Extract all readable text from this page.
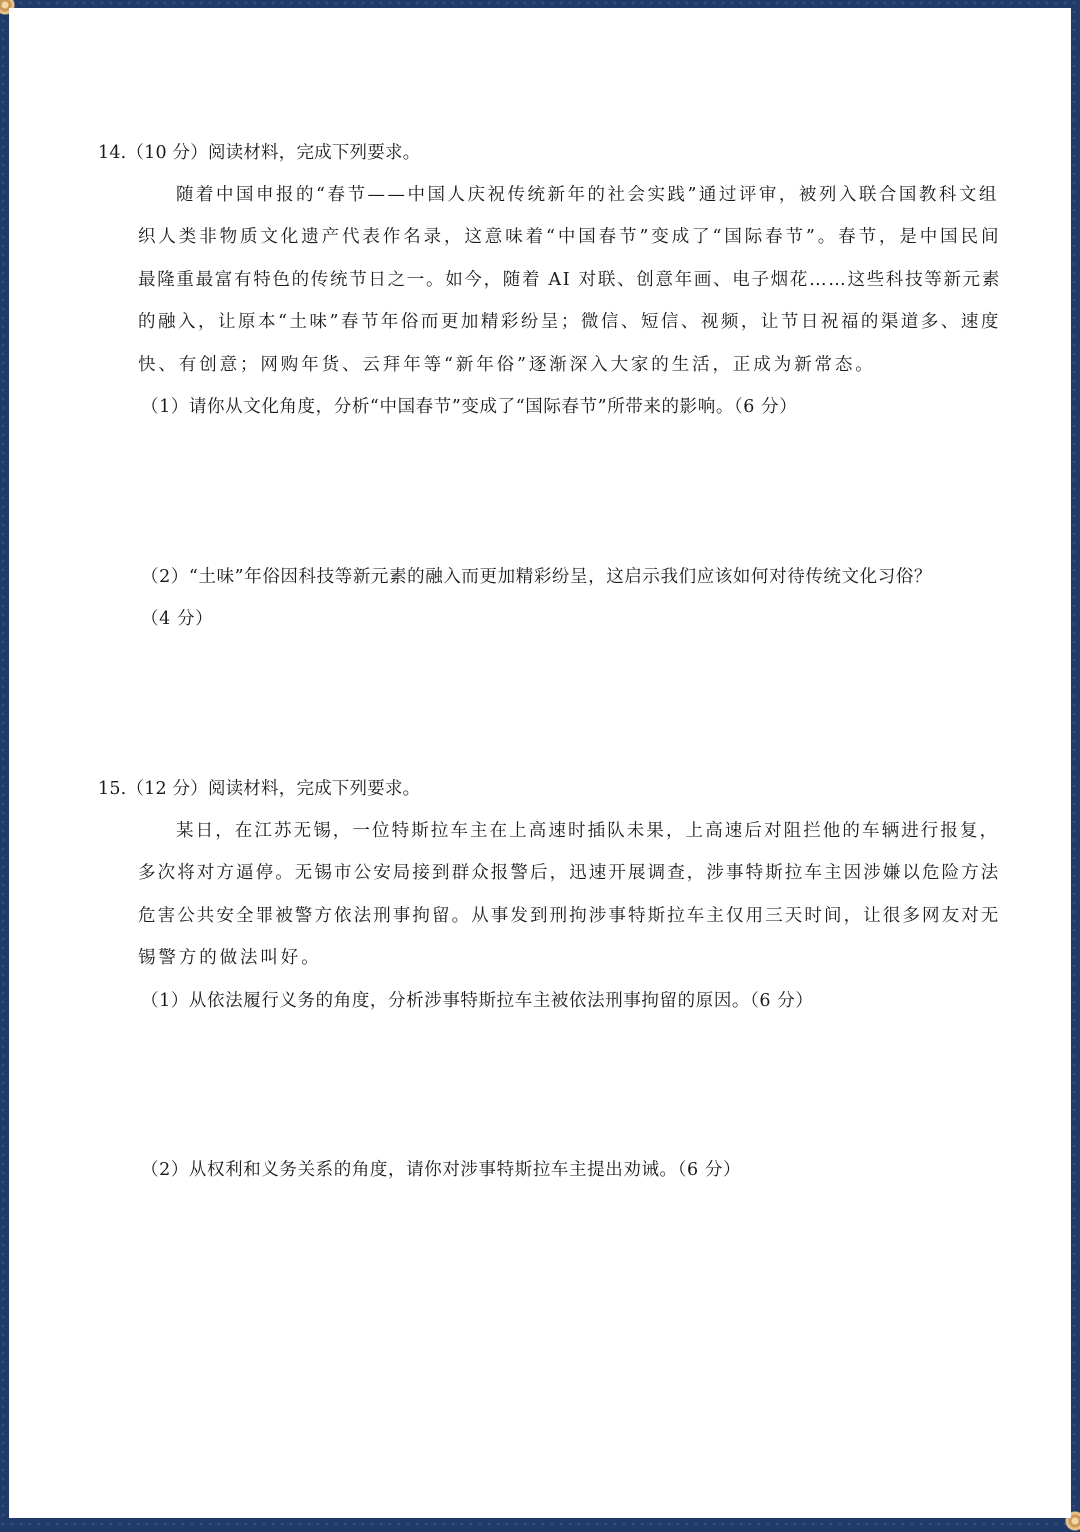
14.（10 分）阅读材料，完成下列要求。
随着中国申报的“春节——中国人庆祝传统新年的社会实践”通过评审，被列入联合国教科文组
织人类非物质文化遗产代表作名录，这意味着“中国春节”变成了“国际春节”。春节，是中国民间
最隆重最富有特色的传统节日之一。如今，随着 AI 对联、创意年画、电子烟花……这些科技等新元素
的融入，让原本“土味”春节年俗而更加精彩纷呈；微信、短信、视频，让节日祝福的渠道多、速度
快、有创意；网购年货、云拜年等“新年俗”逐渐深入大家的生活，正成为新常态。
（1）请你从文化角度，分析“中国春节”变成了“国际春节”所带来的影响。（6 分）
（2）“土味”年俗因科技等新元素的融入而更加精彩纷呈，这启示我们应该如何对待传统文化习俗？
（4 分）
15.（12 分）阅读材料，完成下列要求。
某日，在江苏无锡，一位特斯拉车主在上高速时插队未果，上高速后对阻拦他的车辆进行报复，
多次将对方逼停。无锡市公安局接到群众报警后，迅速开展调查，涉事特斯拉车主因涉嫌以危险方法
危害公共安全罪被警方依法刑事拘留。从事发到刑拘涉事特斯拉车主仅用三天时间，让很多网友对无
锡警方的做法叫好。
（1）从依法履行义务的角度，分析涉事特斯拉车主被依法刑事拘留的原因。（6 分）
（2）从权利和义务关系的角度，请你对涉事特斯拉车主提出劝诫。（6 分）
